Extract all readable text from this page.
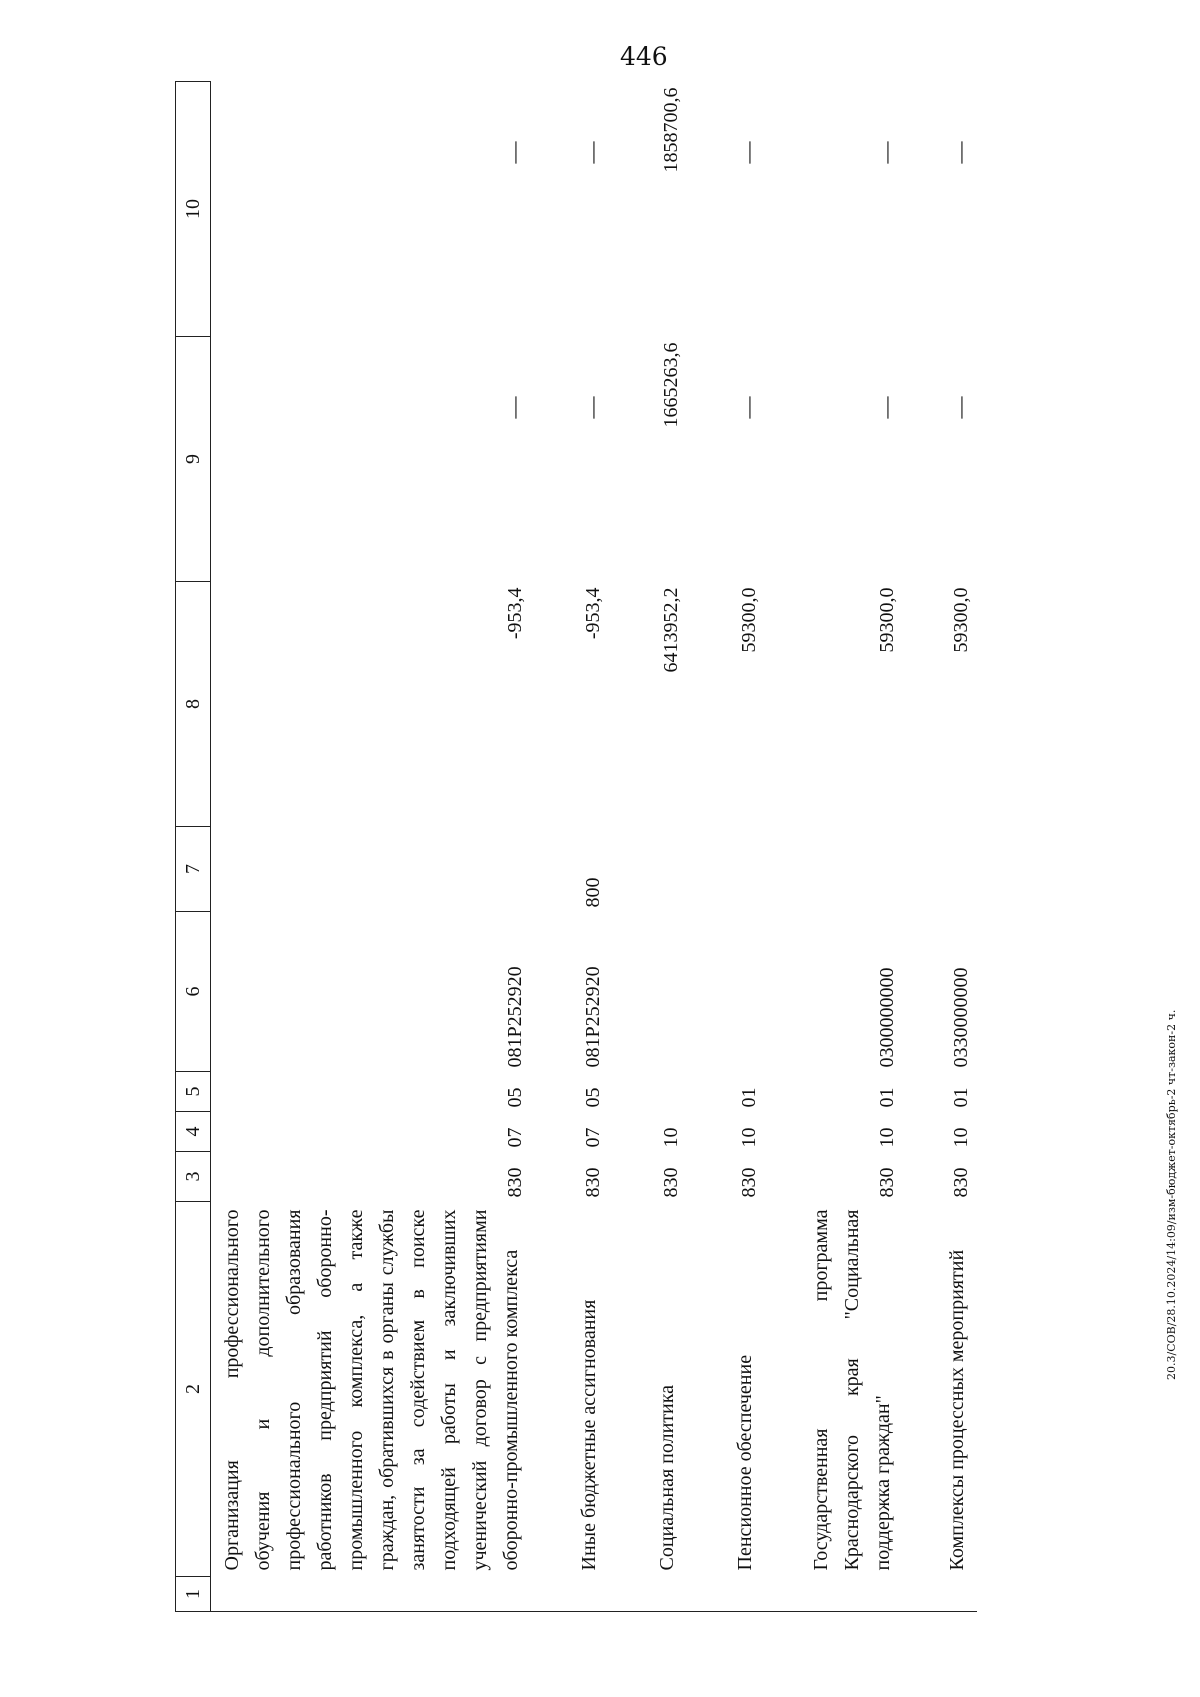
446
20.3/COB/28.10.2024/14:09/изм-бюджет-октябрь-2 чт-закон-2 ч.
1	2	3	4	5	6	7	8	9	10
	Организация профессионального обучения и дополнительного профессионального образования работников предприятий оборонно-промышленного комплекса, а также граждан, обратившихся в органы службы занятости за содействием в поиске подходящей работы и заключивших ученический договор с предприятиями оборонно-промышленного комплекса	830	07	05	081Р252920		-953,4	—	—
	Иные бюджетные ассигнования	830	07	05	081Р252920	800	-953,4	—	—
	Социальная политика	830	10				6413952,2	1665263,6	1858700,6
	Пенсионное обеспечение	830	10	01			59300,0	—	—
	Государственная программа Краснодарского края "Социальная поддержка граждан"	830	10	01	0300000000		59300,0	—	—
	Комплексы процессных мероприятий	830	10	01	0330000000		59300,0	—	—
